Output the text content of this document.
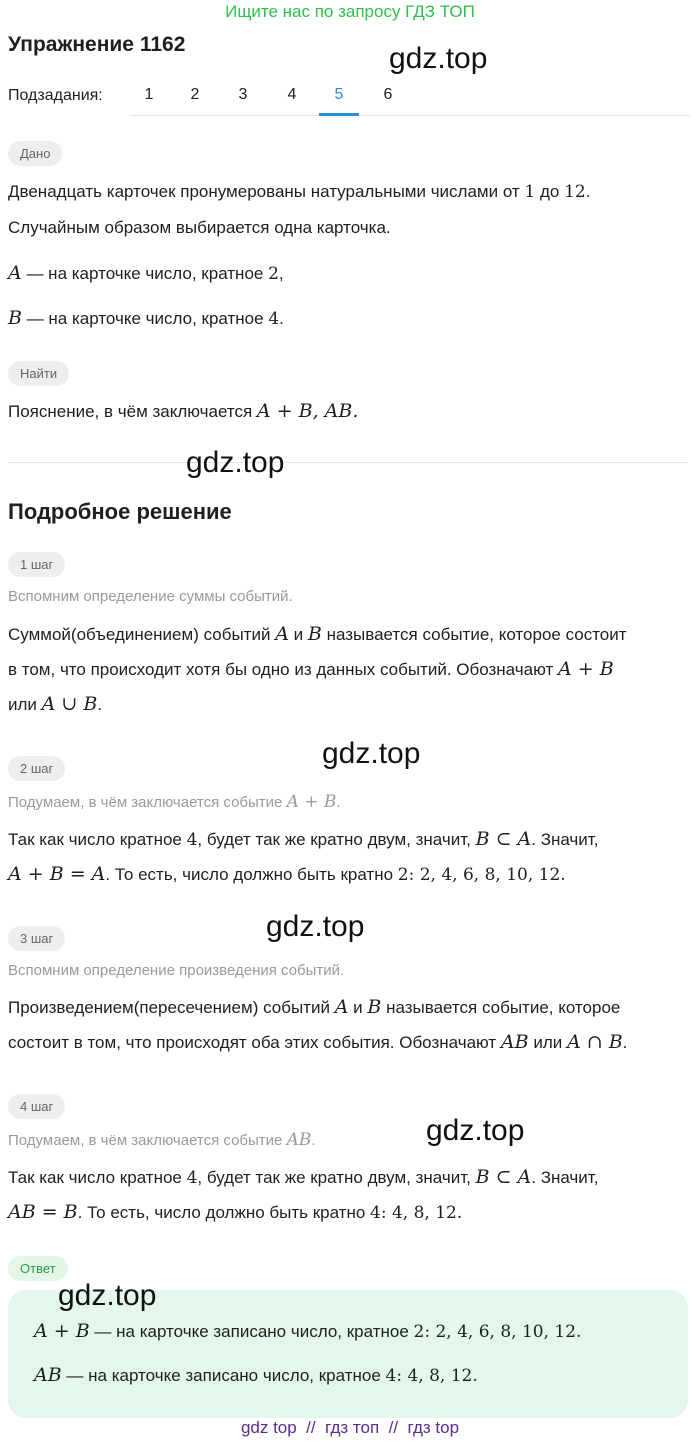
Ищите нас по запросу ГДЗ ТОП
Упражнение 1162	gdz.top
Подзадания:	1	2	3	4	5	6
Дано
Двенадцать карточек пронумерованы натуральными числами от 1 до 12.
Случайным образом выбирается одна карточка.
A — на карточке число, кратное 2,
B — на карточке число, кратное 4.
Найти
Пояснение, в чём заключается A + B, AB.
gdz.top
Подробное решение
1 шаг
Вспомним определение суммы событий.
Суммой(объединением) событий A и B называется событие, которое состоит
в том, что происходит хотя бы одно из данных событий. Обозначают A + B
или A ∪ B.
gdz.top
2 шаг
Подумаем, в чём заключается событие A + B.
Так как число кратное 4, будет так же кратно двум, значит, B ⊂ A. Значит,
A + B = A. То есть, число должно быть кратно 2: 2, 4, 6, 8, 10, 12.
gdz.top
3 шаг
Вспомним определение произведения событий.
Произведением(пересечением) событий A и B называется событие, которое
состоит в том, что происходят оба этих события. Обозначают AB или A ∩ B.
4 шаг
Подумаем, в чём заключается событие AB.	gdz.top
Так как число кратное 4, будет так же кратно двум, значит, B ⊂ A. Значит,
AB = B. То есть, число должно быть кратно 4: 4, 8, 12.
Ответ
gdz.top
A + B — на карточке записано число, кратное 2: 2, 4, 6, 8, 10, 12.
AB — на карточке записано число, кратное 4: 4, 8, 12.
gdz top  //  гдз топ  //  гдз top
